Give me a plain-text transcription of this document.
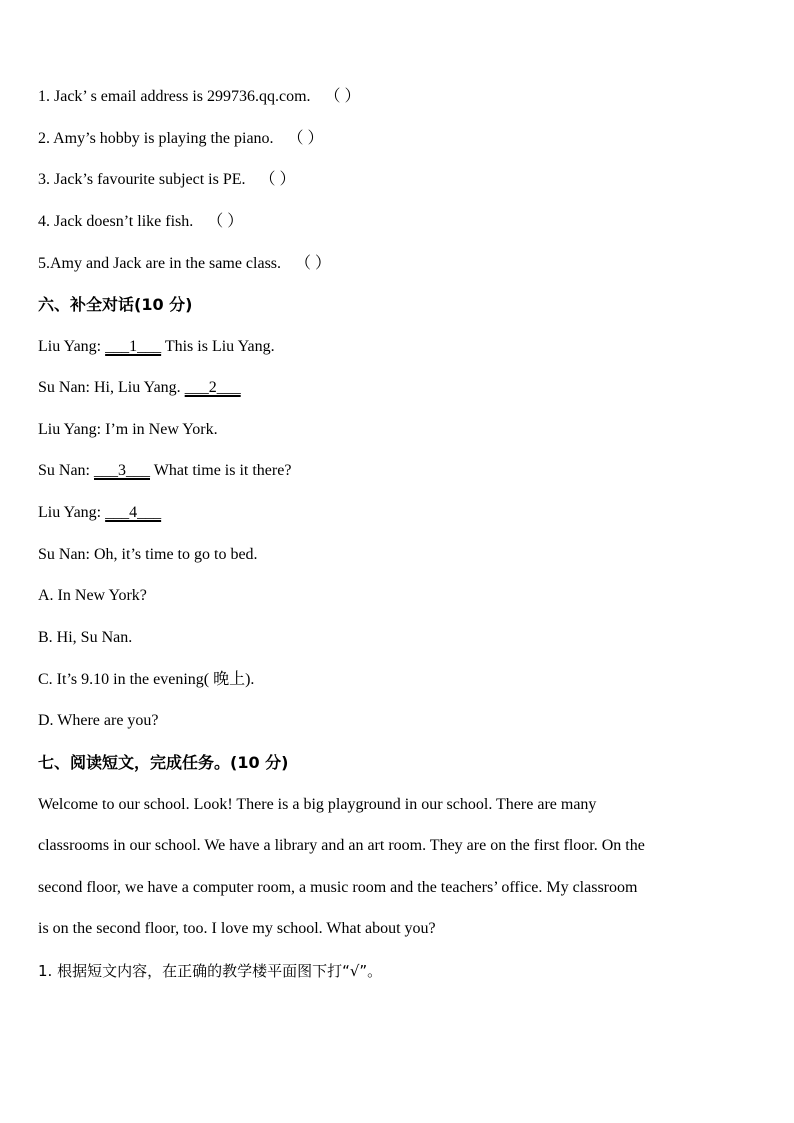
1. Jack’ s email address is 299736.qq.com. （ ）
2. Amy’s hobby is playing the piano. （ ）
3. Jack’s favourite subject is PE. （ ）
4. Jack doesn’t like fish. （ ）
5.Amy and Jack are in the same class. （ ）
六、补全对话(10 分)
Liu Yang: ___1___ This is Liu Yang.
Su Nan: Hi, Liu Yang. ___2___
Liu Yang: I’m in New York.
Su Nan: ___3___ What time is it there?
Liu Yang: ___4___
Su Nan: Oh, it’s time to go to bed.
A. In New York?
B. Hi, Su Nan.
C. It’s 9.10 in the evening( 晚上).
D. Where are you?
七、阅读短文，完成任务。(10 分)
Welcome to our school. Look! There is a big playground in our school. There are many
classrooms in our school. We have a library and an art room. They are on the first floor. On the
second floor, we have a computer room, a music room and the teachers’ office. My classroom
is on the second floor, too. I love my school. What about you?
1. 根据短文内容，在正确的教学楼平面图下打“√”。
